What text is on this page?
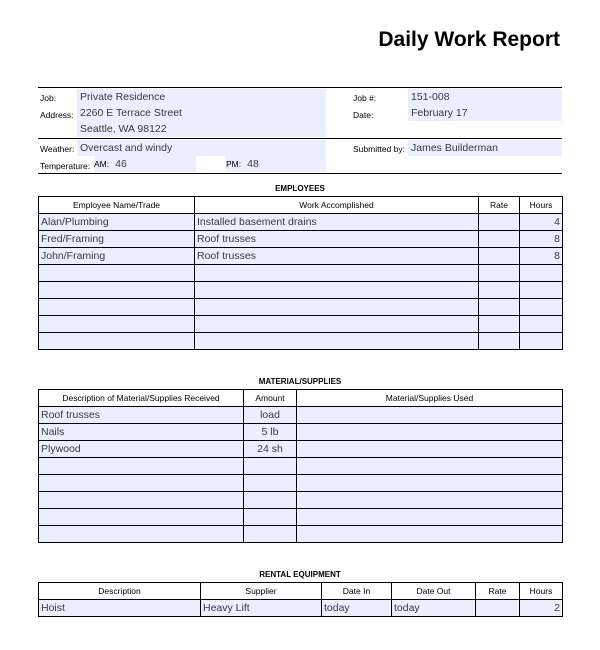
Daily Work Report
Job:
Address:
Private Residence
2260 E Terrace Street
Seattle, WA 98122
Job #:
Date:
151-008
February 17
Weather: Overcast and windy
Temperature: AM: 46	PM: 48
Submitted by: James Builderman
EMPLOYEES
Employee Name/Trade	Work Accomplished	Rate	Hours
Alan/Plumbing	Installed basement drains		4
Fred/Framing	Roof trusses		8
John/Framing	Roof trusses		8

MATERIAL/SUPPLIES
Description of Material/Supplies Received	Amount	Material/Supplies Used
Roof trusses	load	
Nails	5 lb	
Plywood	24 sh	

RENTAL EQUIPMENT
Description	Supplier	Date In	Date Out	Rate	Hours
Hoist	Heavy Lift	today	today		2
